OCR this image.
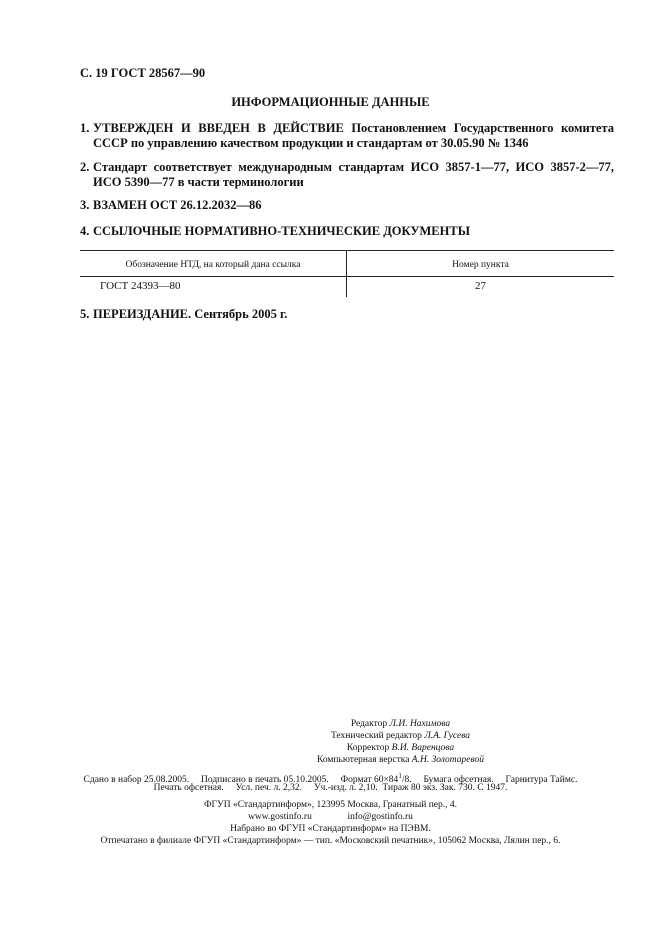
С. 19 ГОСТ 28567—90
ИНФОРМАЦИОННЫЕ ДАННЫЕ
1. УТВЕРЖДЕН И ВВЕДЕН В ДЕЙСТВИЕ Постановлением Государственного комитета СССР по управлению качеством продукции и стандартам от 30.05.90 № 1346
2. Стандарт соответствует международным стандартам ИСО 3857-1—77, ИСО 3857-2—77, ИСО 5390—77 в части терминологии
3. ВЗАМЕН ОСТ 26.12.2032—86
4. ССЫЛОЧНЫЕ НОРМАТИВНО-ТЕХНИЧЕСКИЕ ДОКУМЕНТЫ
Обозначение НТД, на который дана ссылка	Номер пункта
ГОСТ 24393—80	27
5. ПЕРЕИЗДАНИЕ. Сентябрь 2005 г.
Редактор Л.И. Нахимова
Технический редактор Л.А. Гусева
Корректор В.И. Варенцова
Компьютерная верстка А.Н. Золотаревой
Сдано в набор 25.08.2005.     Подписано в печать 05.10.2005.     Формат $60\times 84^1/8$.     Бумага офсетная.     Гарнитура Таймс.
Печать офсетная.     Усл. печ. л. 2,32.     Уч.-изд. л. 2,10.  Тираж 80 экз. Зак. 730. С 1947.
ФГУП «Стандартинформ», 123995 Москва, Гранатный пер., 4.
www.gostinfo.ru               info@gostinfo.ru
Набрано во ФГУП «Стандартинформ» на ПЭВМ.
Отпечатано в филиале ФГУП «Стандартинформ» — тип. «Московский печатник», 105062 Москва, Лялин пер., 6.
